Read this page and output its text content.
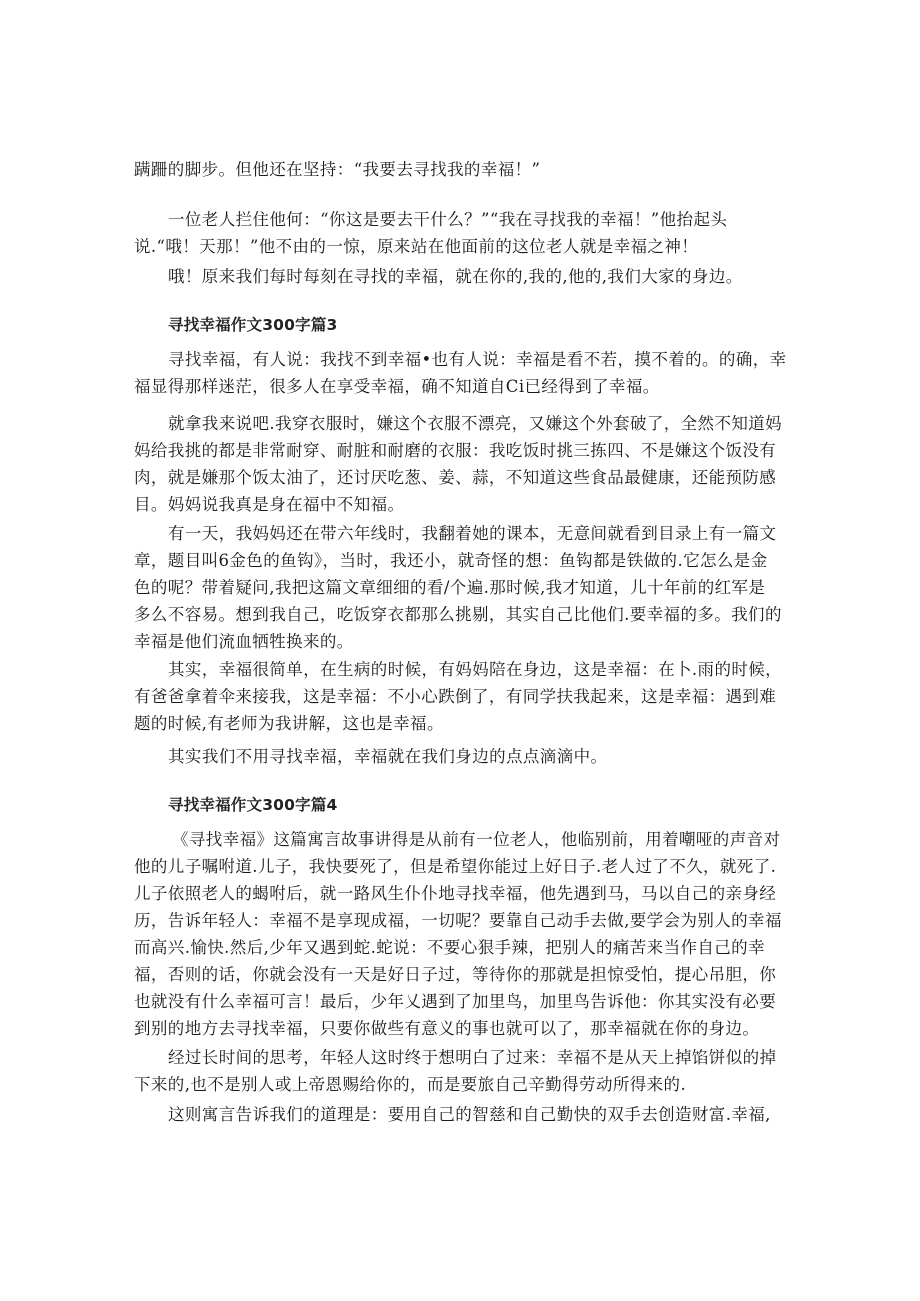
蹒跚的脚步。但他还在坚持：“我要去寻找我的幸福！”

一位老人拦住他何：“你这是要去干什么？”“我在寻找我的幸福！”他抬起头
说.“哦！天那！”他不由的一惊，原来站在他面前的这位老人就是幸福之神！

哦！原来我们每时每刻在寻找的幸福，就在你的,我的,他的,我们大家的身边。

寻找幸福作文300字篇3

寻找幸福，有人说：我找不到幸福•也有人说：幸福是看不若，摸不着的。的确，幸
福显得那样迷茫，很多人在享受幸福，确不知道自Ci已经得到了幸福。

就拿我来说吧.我穿衣服时，嫌这个衣服不漂亮，又嫌这个外套破了，全然不知道妈
妈给我挑的都是非常耐穿、耐脏和耐磨的衣服：我吃饭时挑三拣四、不是嫌这个饭没有
肉，就是嫌那个饭太油了，还讨厌吃葱、姜、蒜，不知道这些食品最健康，还能预防感
目。妈妈说我真是身在福中不知福。

有一天，我妈妈还在带六年线时，我翻着她的课本，无意间就看到目录上有一篇文
章，题目叫6金色的鱼钩》，当时，我还小，就奇怪的想：鱼钩都是铁做的.它怎么是金
色的呢？带着疑问,我把这篇文章细细的看/个遍.那时候,我才知道，儿十年前的红军是
多么不容易。想到我自己，吃饭穿衣都那么挑剔，其实自己比他们.要幸福的多。我们的
幸福是他们流血牺牲换来的。

其实，幸福很简单，在生病的时候，有妈妈陪在身边，这是幸福：在卜.雨的时候，
有爸爸拿着伞来接我，这是幸福：不小心跌倒了，有同学扶我起来，这是幸福：遇到难
题的时候,有老师为我讲解，这也是幸福。

其实我们不用寻找幸福，幸福就在我们身边的点点滴滴中。

寻找幸福作文300字篇4

《寻找幸福》这篇寓言故事讲得是从前有一位老人，他临别前，用着嘲哑的声音对
他的儿子嘱咐道.儿子，我快要死了，但是希望你能过上好日子.老人过了不久，就死了.
儿子依照老人的蝎咐后，就一路风生仆仆地寻找幸福，他先遇到马，马以自己的亲身经
历，告诉年轻人：幸福不是享现成福，一切呢？要靠自己动手去做,要学会为别人的幸福
而高兴.愉快.然后,少年又遇到蛇.蛇说：不要心狠手辣，把别人的痛苦来当作自己的幸
福，否则的话，你就会没有一天是好日子过，等待你的那就是担惊受怕，提心吊胆，你
也就没有什么幸福可言！最后，少年乂遇到了加里鸟，加里鸟告诉他：你其实没有必要
到别的地方去寻找幸福，只要你做些有意义的事也就可以了，那幸福就在你的身边。

经过长时间的思考，年轻人这时终于想明白了过来：幸福不是从天上掉馅饼似的掉
下来的,也不是别人或上帝恩赐给你的，而是要旅自己辛勤得劳动所得来的.

这则寓言告诉我们的道理是：要用自己的智慈和自己勤快的双手去创造财富.幸福,
